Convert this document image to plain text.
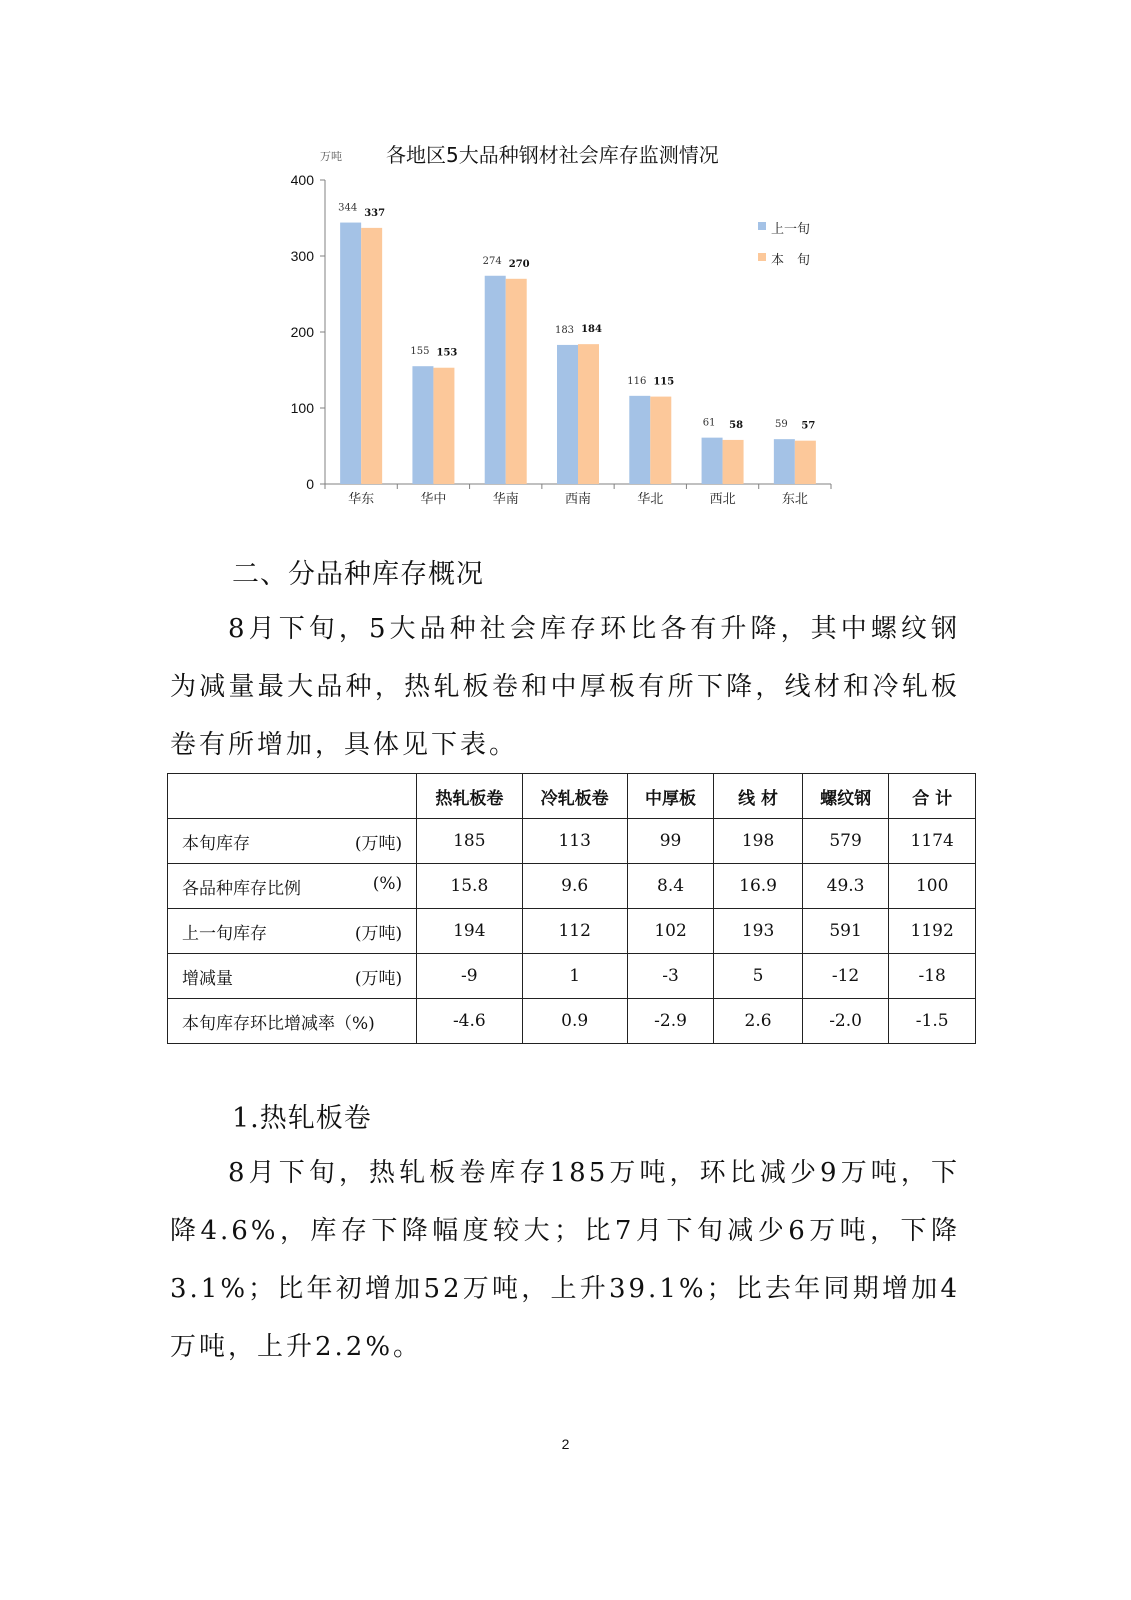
万吨 各地区5大品种钢材社会库存监测情况
0
100
200
300
400
华东	华中	华南	西南	华北	西北	东北
344 337
155 153
274 270
183 184
116 115
61 58	59 57
上一旬
本　旬
二、分品种库存概况

8月下旬，5大品种社会库存环比各有升降，其中螺纹钢为减量最大品种，热轧板卷和中厚板有所下降，线材和冷轧板卷有所增加，具体见下表。

	热轧板卷	冷轧板卷	中厚板	线 材	螺纹钢	合 计
本旬库存 (万吨)	185	113	99	198	579	1174
各品种库存比例 (%)	15.8	9.6	8.4	16.9	49.3	100
上一旬库存 (万吨)	194	112	102	193	591	1192
增减量 (万吨)	-9	1	-3	5	-12	-18
本旬库存环比增减率（%)	-4.6	0.9	-2.9	2.6	-2.0	-1.5
1.热轧板卷

8月下旬，热轧板卷库存185万吨，环比减少9万吨，下降4.6%，库存下降幅度较大；比7月下旬减少6万吨，下降3.1%；比年初增加52万吨，上升39.1%；比去年同期增加4万吨，上升2.2%。

2
